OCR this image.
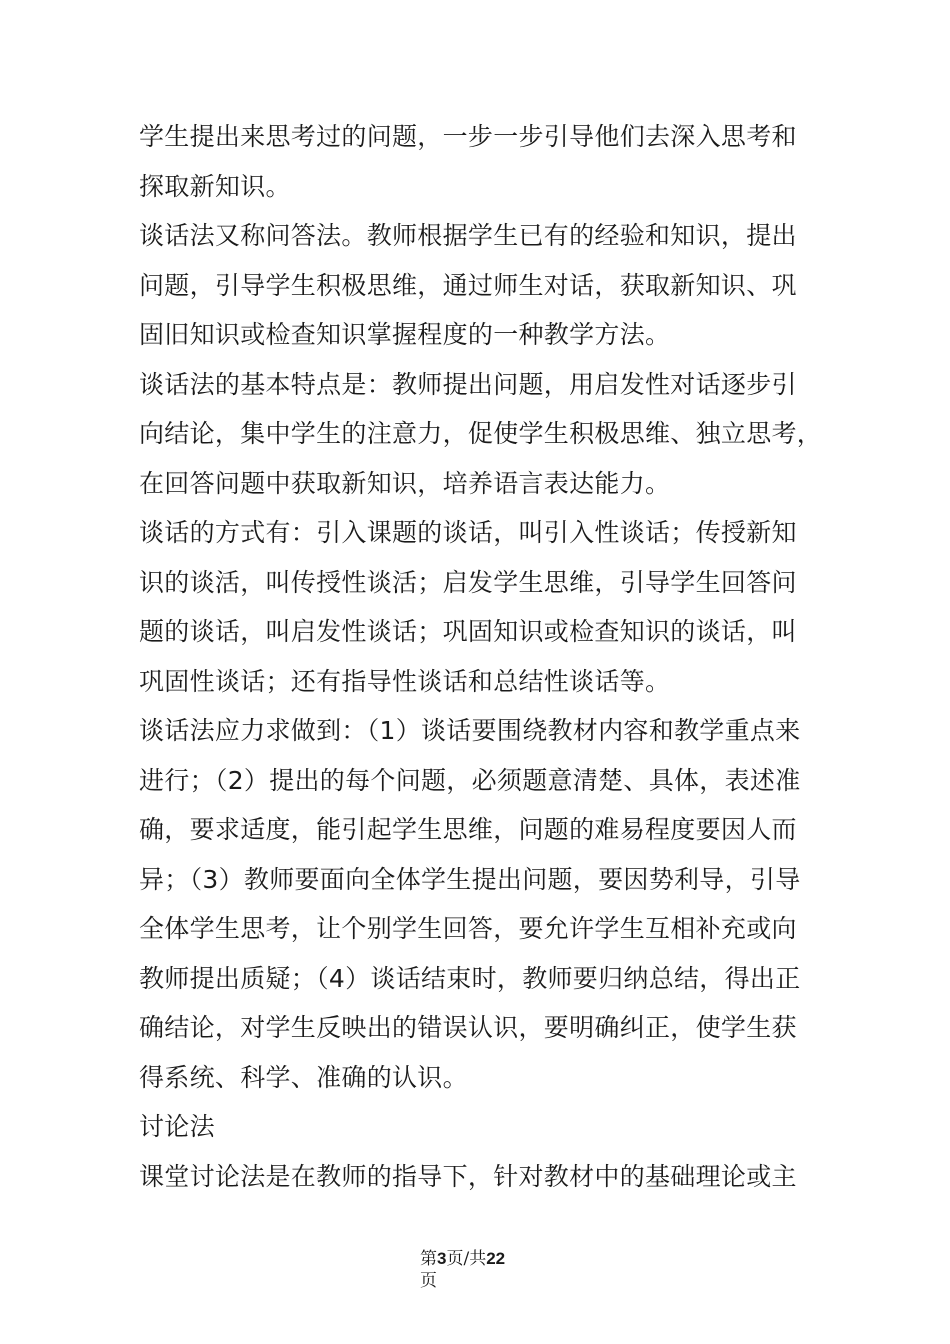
学生提出来思考过的问题，一步一步引导他们去深入思考和
探取新知识。
谈话法又称问答法。教师根据学生已有的经验和知识，提出
问题，引导学生积极思维，通过师生对话，获取新知识、巩
固旧知识或检查知识掌握程度的一种教学方法。
谈话法的基本特点是：教师提出问题，用启发性对话逐步引
向结论，集中学生的注意力，促使学生积极思维、独立思考，
在回答问题中获取新知识，培养语言表达能力。
谈话的方式有：引入课题的谈话，叫引入性谈话；传授新知
识的谈活，叫传授性谈活；启发学生思维，引导学生回答问
题的谈话，叫启发性谈话；巩固知识或检查知识的谈话，叫
巩固性谈话；还有指导性谈话和总结性谈话等。
谈话法应力求做到：（1）谈话要围绕教材内容和教学重点来
进行；（2）提出的每个问题，必须题意清楚、具体，表述准
确，要求适度，能引起学生思维，问题的难易程度要因人而
异；（3）教师要面向全体学生提出问题，要因势利导，引导
全体学生思考，让个别学生回答，要允许学生互相补充或向
教师提出质疑；（4）谈话结束时，教师要归纳总结，得出正
确结论，对学生反映出的错误认识，要明确纠正，使学生获
得系统、科学、准确的认识。
讨论法
课堂讨论法是在教师的指导下，针对教材中的基础理论或主
第3页/共22
页
